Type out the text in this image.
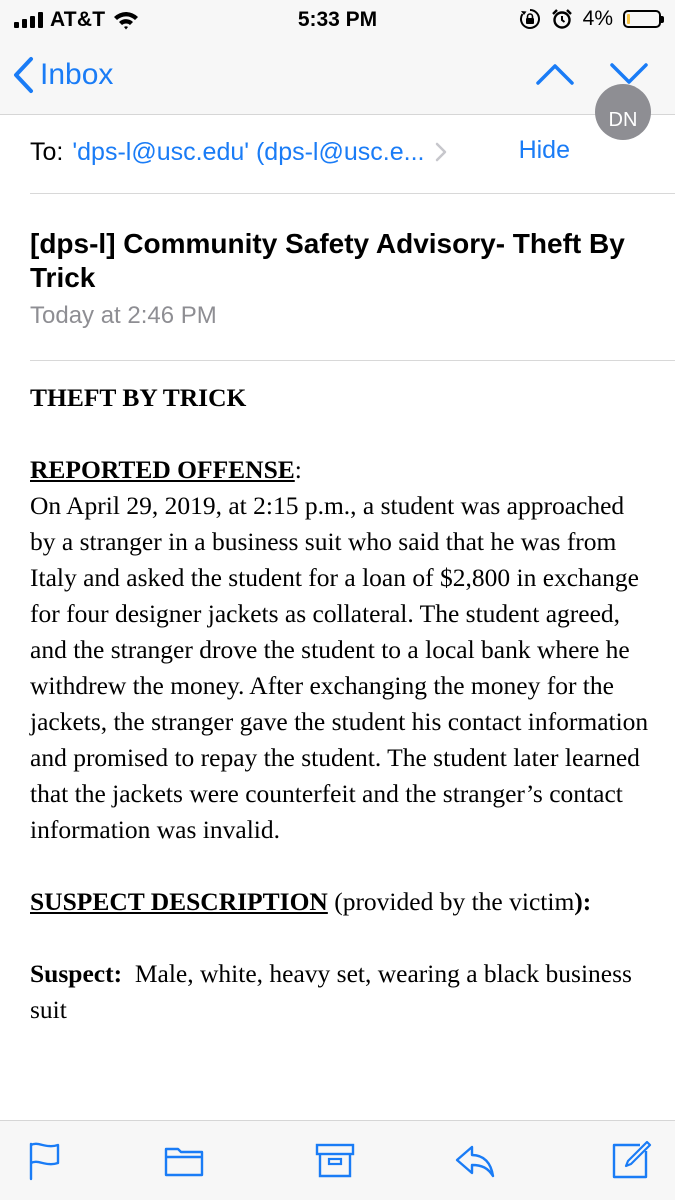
AT&T	5:33 PM	4%
Inbox
DN
To: 'dps-l@usc.edu' (dps-l@usc.e...	Hide
[dps-l] Community Safety Advisory- Theft By Trick
Today at 2:46 PM

THEFT BY TRICK

REPORTED OFFENSE:

On April 29, 2019, at 2:15 p.m., a student was approached by a stranger in a business suit who said that he was from Italy and asked the student for a loan of $2,800 in exchange for four designer jackets as collateral. The student agreed, and the stranger drove the student to a local bank where he withdrew the money. After exchanging the money for the jackets, the stranger gave the student his contact information and promised to repay the student. The student later learned that the jackets were counterfeit and the stranger’s contact information was invalid.

SUSPECT DESCRIPTION (provided by the victim):

Suspect:  Male, white, heavy set, wearing a black business suit
